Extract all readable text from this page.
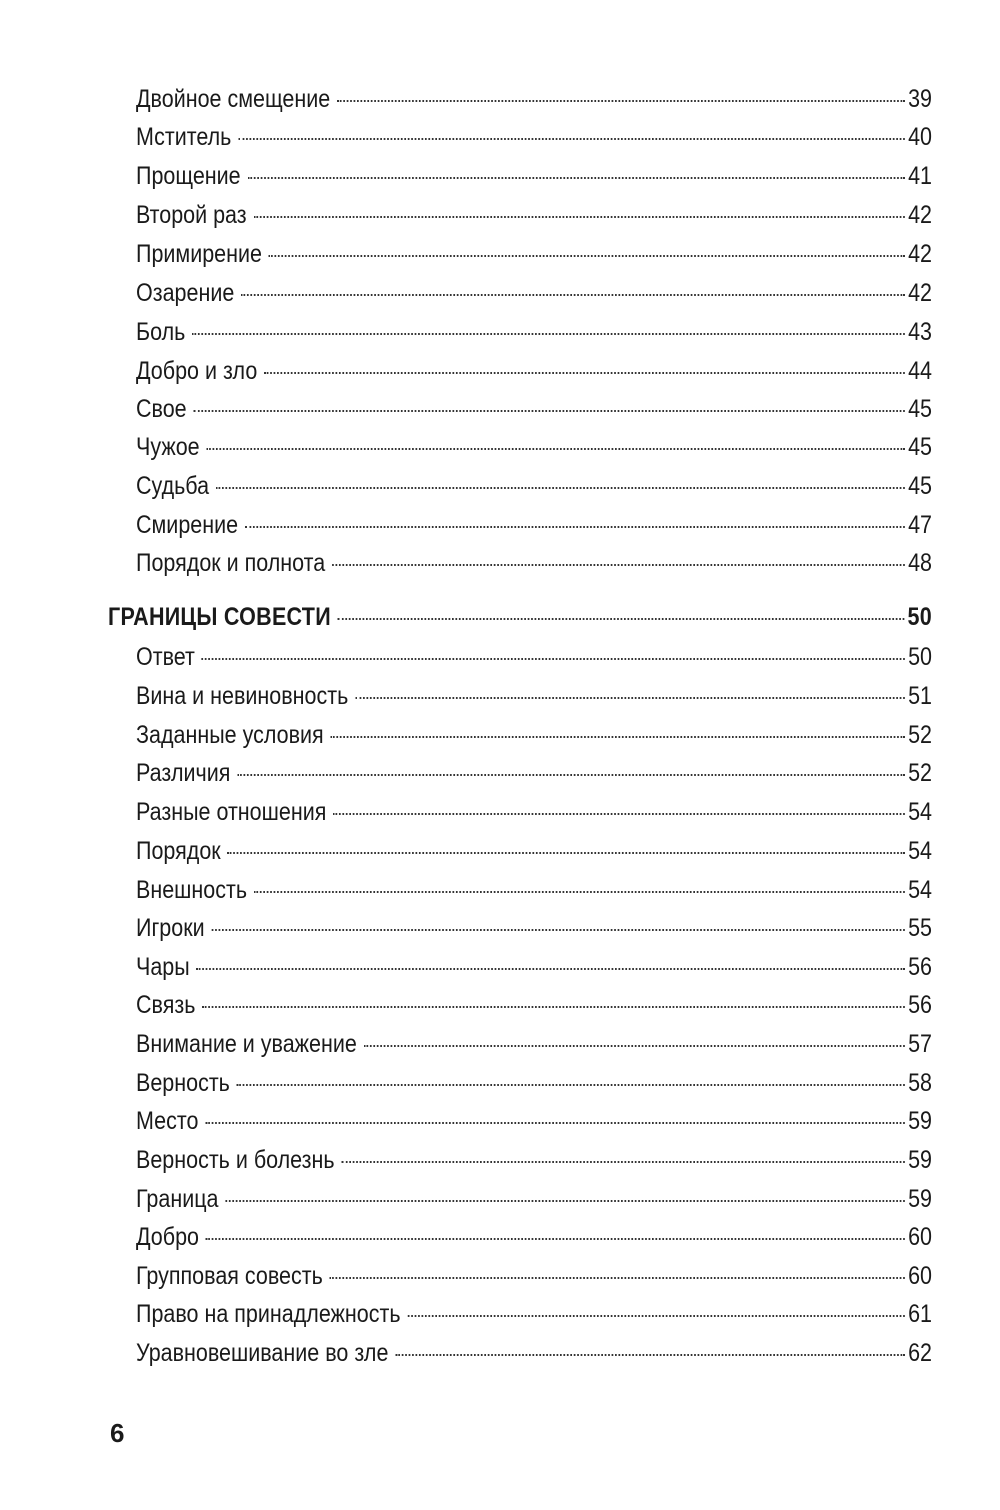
Двойное смещение	39
Мститель	40
Прощение	41
Второй раз	42
Примирение	42
Озарение	42
Боль	43
Добро и зло	44
Свое	45
Чужое	45
Судьба	45
Смирение	47
Порядок и полнота	48
ГРАНИЦЫ СОВЕСТИ	50
Ответ	50
Вина и невиновность	51
Заданные условия	52
Различия	52
Разные отношения	54
Порядок	54
Внешность	54
Игроки	55
Чары	56
Связь	56
Внимание и уважение	57
Верность	58
Место	59
Верность и болезнь	59
Граница	59
Добро	60
Групповая совесть	60
Право на принадлежность	61
Уравновешивание во зле	62
6
